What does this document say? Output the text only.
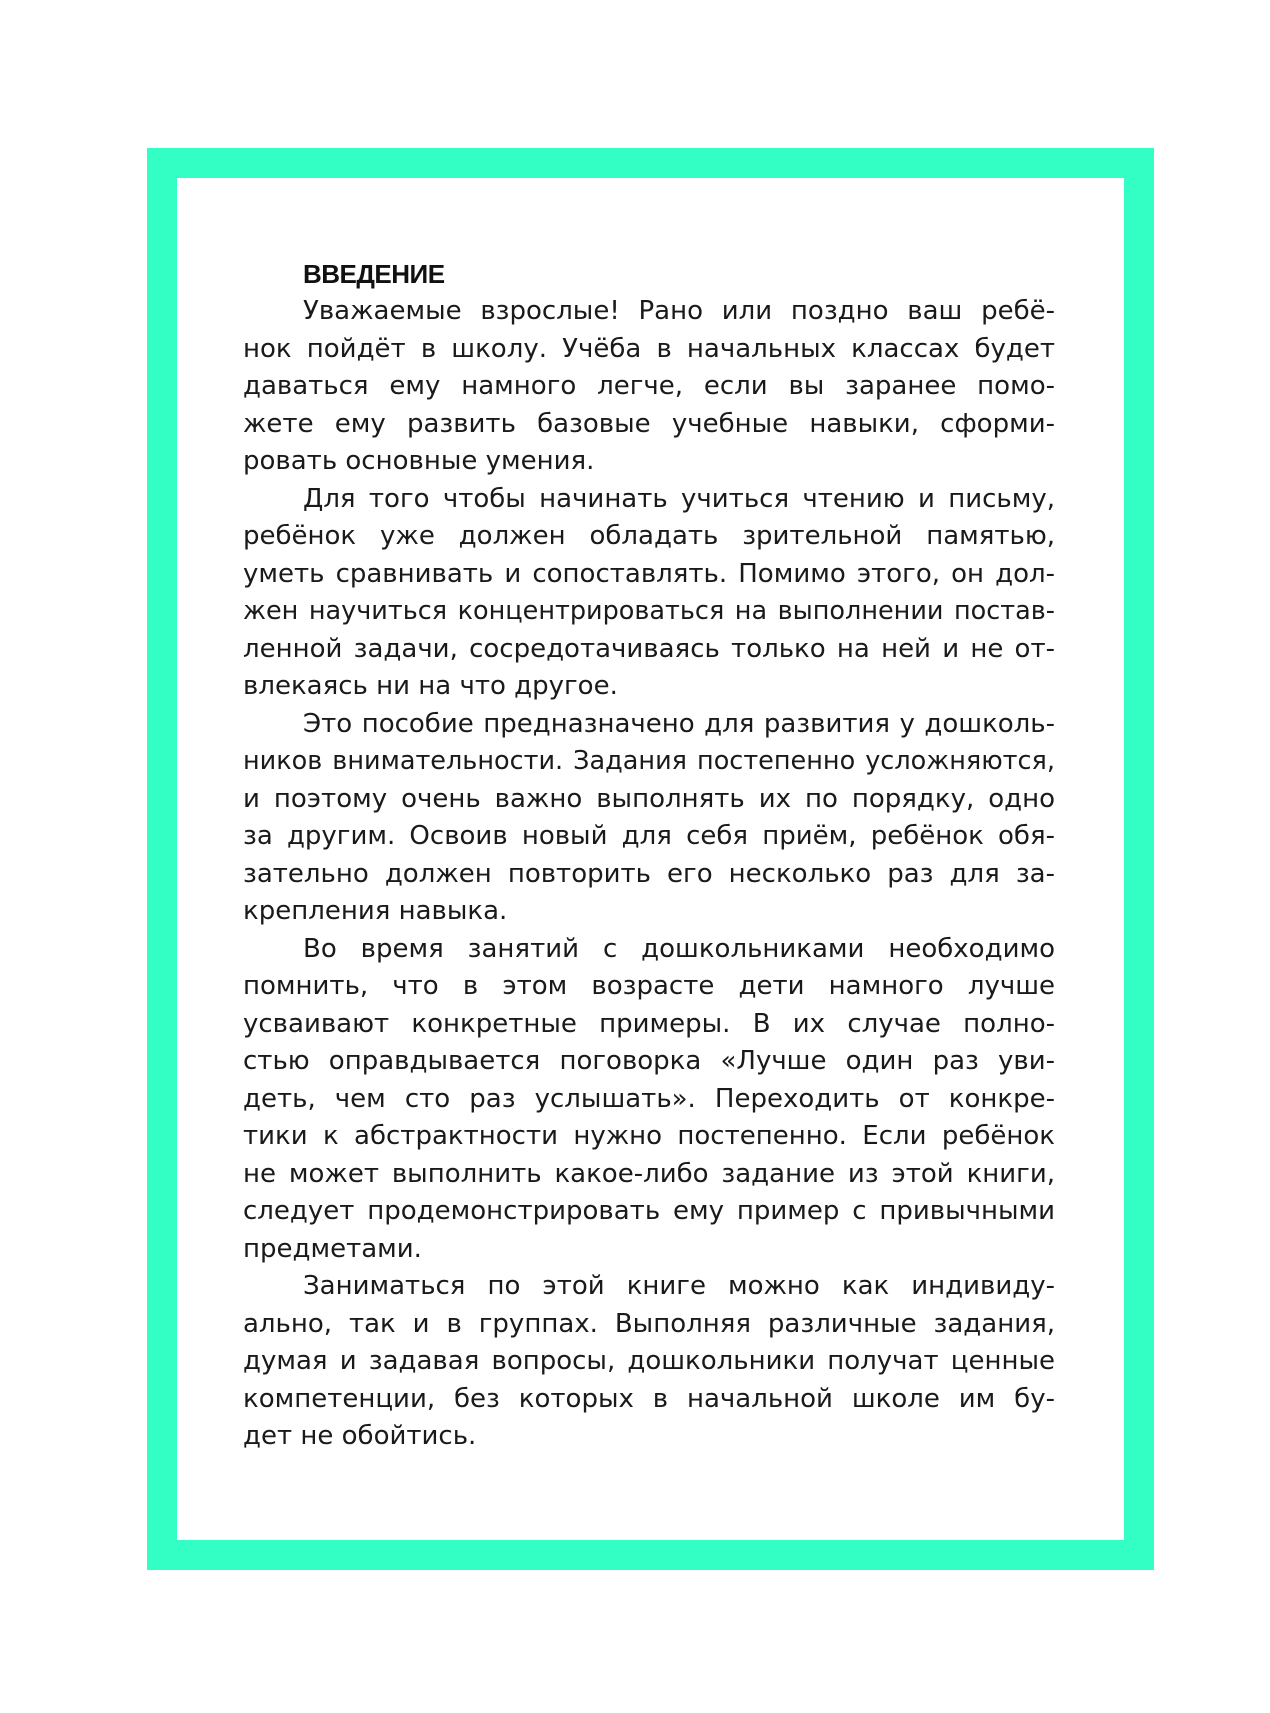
ВВЕДЕНИЕ
Уважаемые взрослые! Рано или поздно ваш ребё-
нок пойдёт в школу. Учёба в начальных классах будет
даваться ему намного легче, если вы заранее помо-
жете ему развить базовые учебные навыки, сформи-
ровать основные умения.
Для того чтобы начинать учиться чтению и письму,
ребёнок уже должен обладать зрительной памятью,
уметь сравнивать и сопоставлять. Помимо этого, он дол-
жен научиться концентрироваться на выполнении постав-
ленной задачи, сосредотачиваясь только на ней и не от-
влекаясь ни на что другое.
Это пособие предназначено для развития у дошколь-
ников внимательности. Задания постепенно усложняются,
и поэтому очень важно выполнять их по порядку, одно
за другим. Освоив новый для себя приём, ребёнок обя-
зательно должен повторить его несколько раз для за-
крепления навыка.
Во время занятий с дошкольниками необходимо
помнить, что в этом возрасте дети намного лучше
усваивают конкретные примеры. В их случае полно-
стью оправдывается поговорка «Лучше один раз уви-
деть, чем сто раз услышать». Переходить от конкре-
тики к абстрактности нужно постепенно. Если ребёнок
не может выполнить какое-либо задание из этой книги,
следует продемонстрировать ему пример с привычными
предметами.
Заниматься по этой книге можно как индивиду-
ально, так и в группах. Выполняя различные задания,
думая и задавая вопросы, дошкольники получат ценные
компетенции, без которых в начальной школе им бу-
дет не обойтись.
